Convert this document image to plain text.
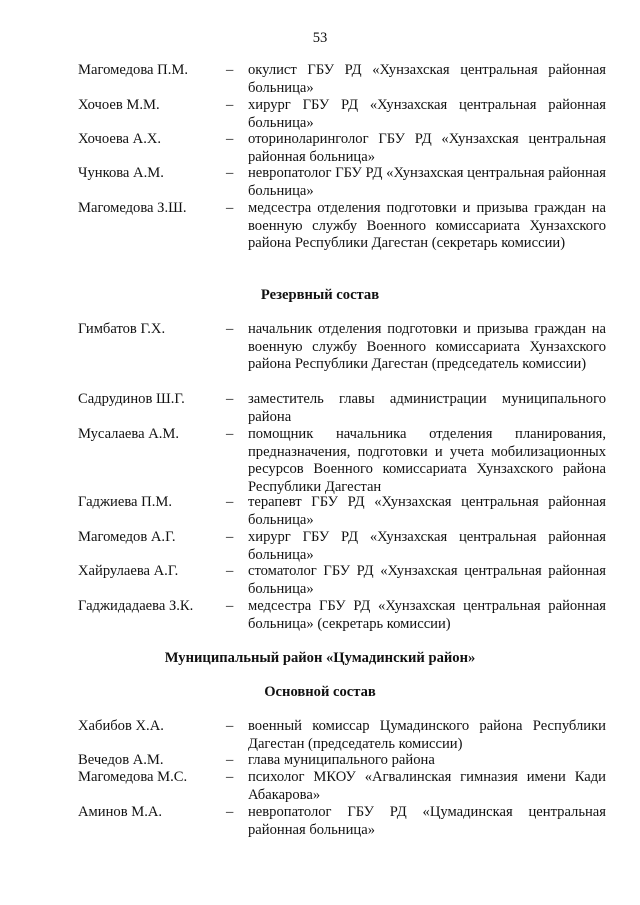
53
Магомедова П.М.	– окулист ГБУ РД «Хунзахская центральная районная больница»
Хочоев М.М.	– хирург ГБУ РД «Хунзахская центральная районная больница»
Хочоева А.Х.	– оториноларинголог ГБУ РД «Хунзахская центральная районная больница»
Чункова А.М.	– невропатолог ГБУ РД «Хунзахская центральная районная больница»
Магомедова З.Ш.	– медсестра отделения подготовки и призыва граждан на военную службу Военного комиссариата Хунзахского района Республики Дагестан (секретарь комиссии)
Резервный состав
Гимбатов Г.Х.	– начальник отделения подготовки и призыва граждан на военную службу Военного комиссариата Хунзахского района Республики Дагестан (председатель комиссии)
Садрудинов Ш.Г.	– заместитель главы администрации муниципального района
Мусалаева А.М.	– помощник начальника отделения планирования, предназначения, подготовки и учета мобилизационных ресурсов Военного комиссариата Хунзахского района Республики Дагестан
Гаджиева П.М.	– терапевт ГБУ РД «Хунзахская центральная районная больница»
Магомедов А.Г.	– хирург ГБУ РД «Хунзахская центральная районная больница»
Хайрулаева А.Г.	– стоматолог ГБУ РД «Хунзахская центральная районная больница»
Гаджидадаева З.К. – медсестра ГБУ РД «Хунзахская центральная районная больница» (секретарь комиссии)
Муниципальный район «Цумадинский район»
Основной состав
Хабибов Х.А.	– военный комиссар Цумадинского района Республики Дагестан (председатель комиссии)
Вечедов А.М.	– глава муниципального района
Магомедова М.С.	– психолог МКОУ «Агвалинская гимназия имени Кади Абакарова»
Аминов М.А.	– невропатолог ГБУ РД «Цумадинская центральная районная больница»
